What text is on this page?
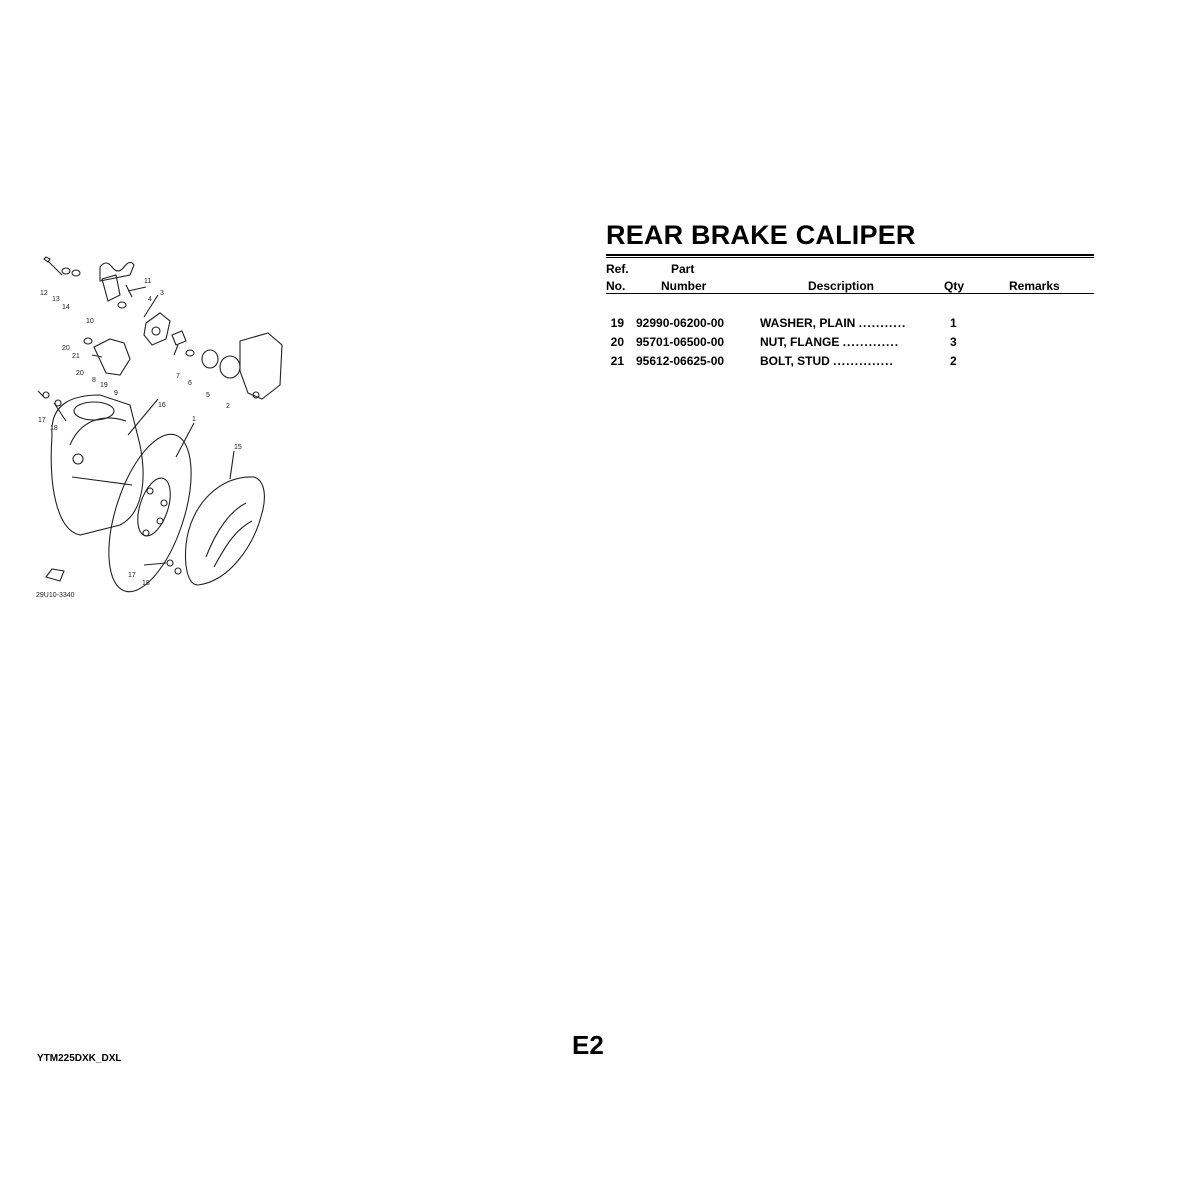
12
13
14
10
11
3
4
20
21
20
8
19
9
7
6
5
2
16
1
15
17
18
17
18
29U10-3340
REAR BRAKE CALIPER
Ref.
No.
Part
Number	Description	Qty	Remarks
19 92990-06200-00	WASHER, PLAIN ...........	1
20 95701-06500-00	NUT, FLANGE .............	3
21 95612-06625-00	BOLT, STUD ..............	2
E2
YTM225DXK_DXL
